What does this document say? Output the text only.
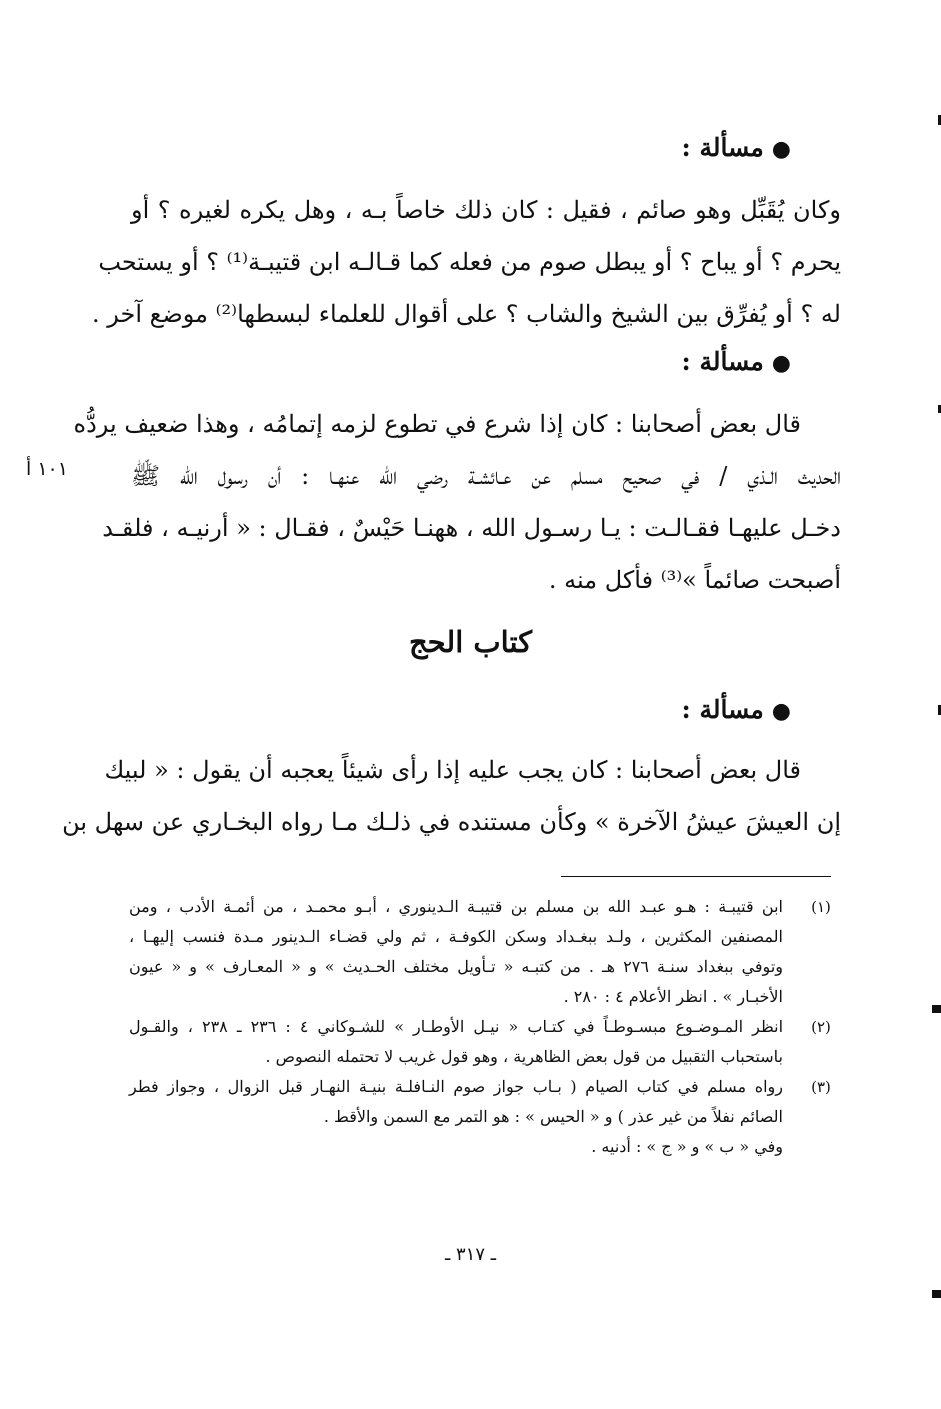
●مسألة :
وكان يُقَبِّل وهو صائم ، فقيل : كان ذلك خاصاً بـه ، وهل يكره لغيره ؟ أو
يحرم ؟ أو يباح ؟ أو يبطل صوم من فعله كما قـالـه ابن قتيبـة⁽¹⁾ ؟ أو يستحب
له ؟ أو يُفرِّق بين الشيخ والشاب ؟ على أقوال للعلماء لبسطها⁽²⁾ موضع آخر .
●مسألة :
قال بعض أصحابنا : كان إذا شرع في تطوع لزمه إتمامُه ، وهذا ضعيف يردُّه
الحديث الـذي / في صحيح مسلم عن عـائشـة رضي الله عنهـا : أن رسول الله ﷺ
دخـل عليهـا فقـالـت : يـا رسـول الله ، ههنـا حَيْسٌ ، فقـال : « أرنيـه ، فلقـد
أصبحت صائماً »⁽³⁾ فأكل منه .
١٠١ أ
كتاب الحج
●مسألة :
قال بعض أصحابنا : كان يجب عليه إذا رأى شيئاً يعجبه أن يقول : « لبيك
إن العيشَ عيشُ الآخرة » وكأن مستنده في ذلـك مـا رواه البخـاري عن سهل بن
(١)
ابن قتيبـة : هـو عبـد الله بن مسلم بن قتيبـة الـدينوري ، أبـو محمـد ، من أئمـة الأدب ، ومن
المصنفين المكثرين ، ولـد ببغـداد وسكن الكوفـة ، ثم ولي قضـاء الـدينور مـدة فنسب إليهـا ،
وتوفي ببغداد سنـة ٢٧٦ هـ . من كتبـه « تـأويل مختلف الحـديث » و « المعـارف » و « عيون
الأخبـار » . انظر الأعلام ٤ : ٢٨٠ .
(٢)
انظر المـوضـوع مبسـوطـاً في كتـاب « نيـل الأوطـار » للشـوكاني ٤ : ٢٣٦ ـ ٢٣٨ ، والقـول
باستحباب التقبيل من قول بعض الظاهرية ، وهو قول غريب لا تحتمله النصوص .
(٣)
رواه مسلم في كتاب الصيام ( بـاب جواز صوم النـافلـة بنيـة النهـار قبل الزوال ، وجواز فطر
الصائم نفلاً من غير عذر ) و « الحيس » : هو التمر مع السمن والأقط .
وفي « ب » و « ج » : أدنيه .
ـ ٣١٧ ـ
